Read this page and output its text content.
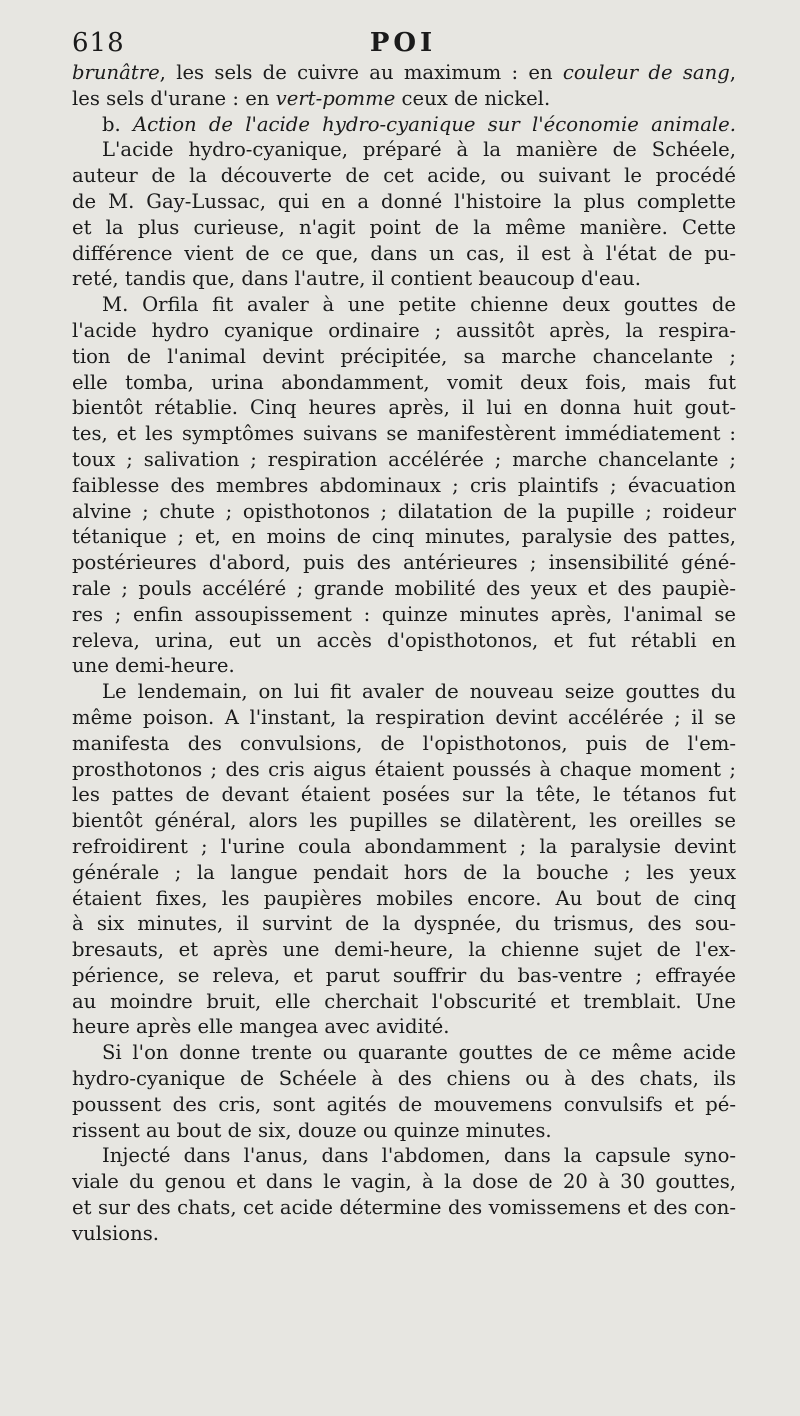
618	POI
brunâtre, les sels de cuivre au maximum : en couleur de sang,
les sels d'urane : en vert-pomme ceux de nickel.
b. Action de l'acide hydro-cyanique sur l'économie animale.
L'acide hydro-cyanique, préparé à la manière de Schéele,
auteur de la découverte de cet acide, ou suivant le procédé
de M. Gay-Lussac, qui en a donné l'histoire la plus complette
et la plus curieuse, n'agit point de la même manière. Cette
différence vient de ce que, dans un cas, il est à l'état de pu-
reté, tandis que, dans l'autre, il contient beaucoup d'eau.
M. Orfila fit avaler à une petite chienne deux gouttes de
l'acide hydro cyanique ordinaire ; aussitôt après, la respira-
tion de l'animal devint précipitée, sa marche chancelante ;
elle tomba, urina abondamment, vomit deux fois, mais fut
bientôt rétablie. Cinq heures après, il lui en donna huit gout-
tes, et les symptômes suivans se manifestèrent immédiatement :
toux ; salivation ; respiration accélérée ; marche chancelante ;
faiblesse des membres abdominaux ; cris plaintifs ; évacuation
alvine ; chute ; opisthotonos ; dilatation de la pupille ; roideur
tétanique ; et, en moins de cinq minutes, paralysie des pattes,
postérieures d'abord, puis des antérieures ; insensibilité géné-
rale ; pouls accéléré ; grande mobilité des yeux et des paupiè-
res ; enfin assoupissement : quinze minutes après, l'animal se
releva, urina, eut un accès d'opisthotonos, et fut rétabli en
une demi-heure.
Le lendemain, on lui fit avaler de nouveau seize gouttes du
même poison. A l'instant, la respiration devint accélérée ; il se
manifesta des convulsions, de l'opisthotonos, puis de l'em-
prosthotonos ; des cris aigus étaient poussés à chaque moment ;
les pattes de devant étaient posées sur la tête, le tétanos fut
bientôt général, alors les pupilles se dilatèrent, les oreilles se
refroidirent ; l'urine coula abondamment ; la paralysie devint
générale ; la langue pendait hors de la bouche ; les yeux
étaient fixes, les paupières mobiles encore. Au bout de cinq
à six minutes, il survint de la dyspnée, du trismus, des sou-
bresauts, et après une demi-heure, la chienne sujet de l'ex-
périence, se releva, et parut souffrir du bas-ventre ; effrayée
au moindre bruit, elle cherchait l'obscurité et tremblait. Une
heure après elle mangea avec avidité.
Si l'on donne trente ou quarante gouttes de ce même acide
hydro-cyanique de Schéele à des chiens ou à des chats, ils
poussent des cris, sont agités de mouvemens convulsifs et pé-
rissent au bout de six, douze ou quinze minutes.
Injecté dans l'anus, dans l'abdomen, dans la capsule syno-
viale du genou et dans le vagin, à la dose de 20 à 30 gouttes,
et sur des chats, cet acide détermine des vomissemens et des con-
vulsions.
